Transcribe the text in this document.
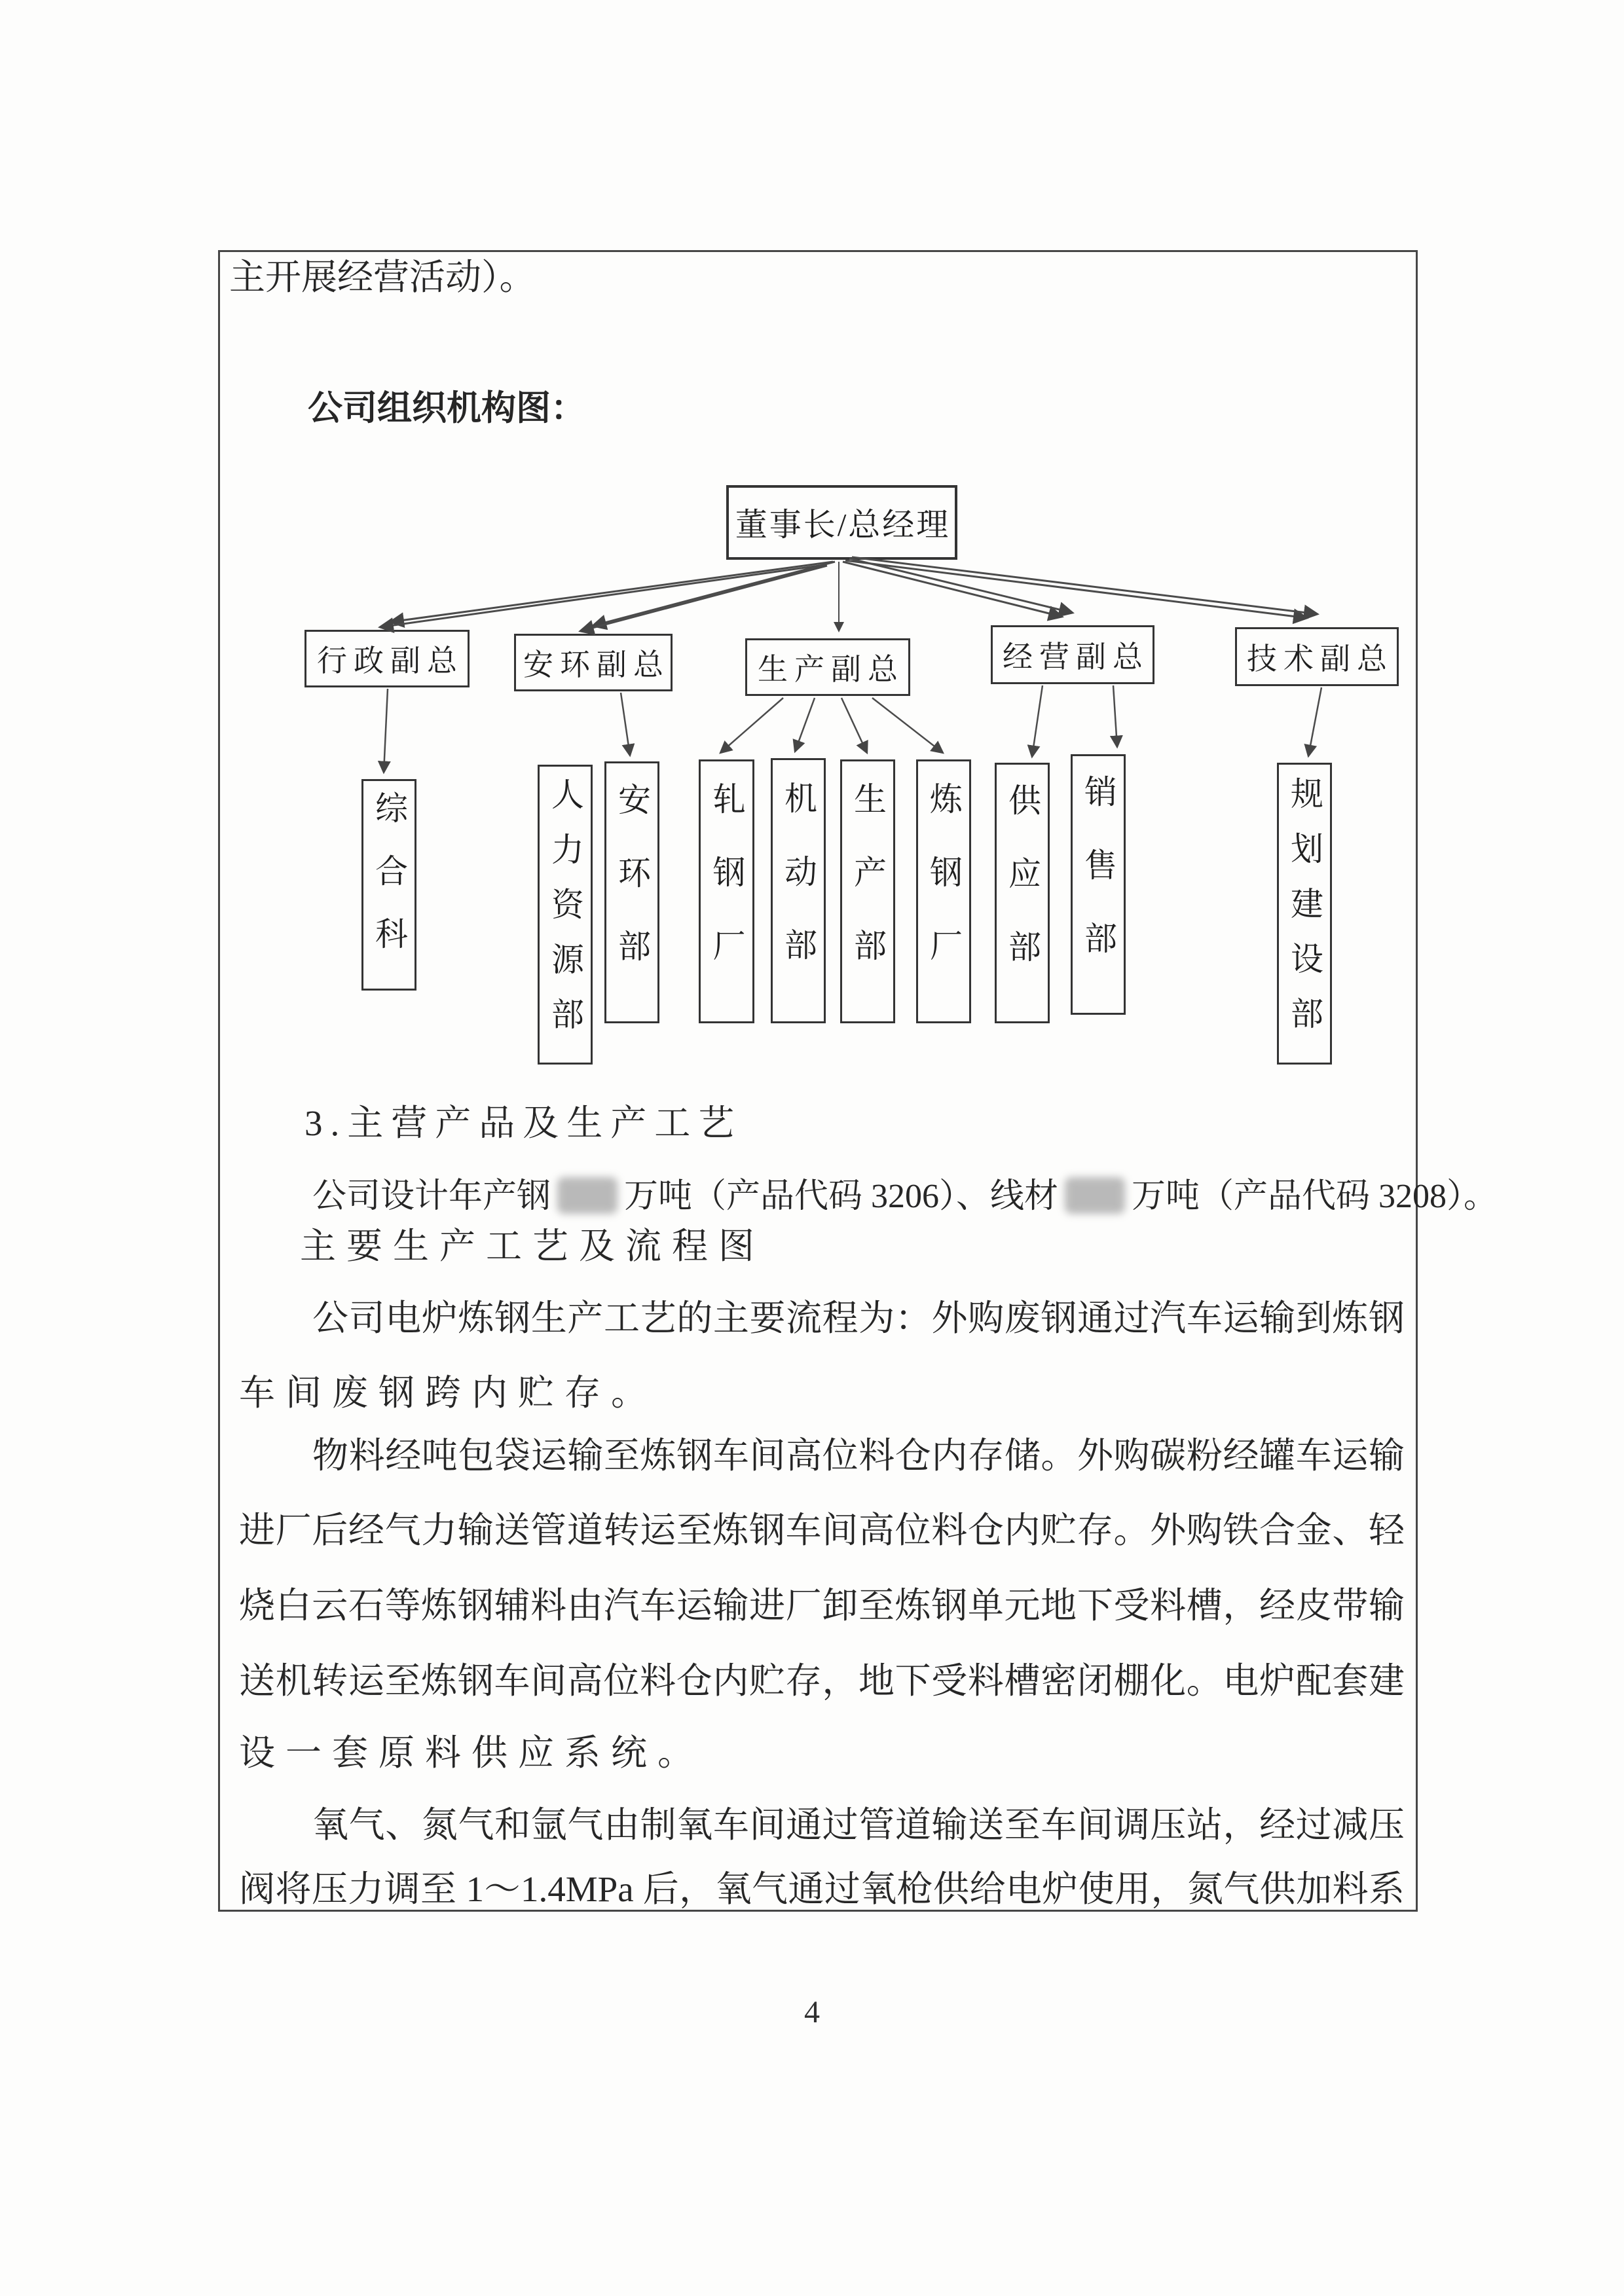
主开展经营活动）。
公司组织机构图：
董事长/总经理
行政副总 安环副总	生产副总	经营副总	技术副总
综合科	人力资源部 安环部 轧钢厂 机动部 生产部 炼钢厂 供应部 销售部	规划建设部
3.主营产品及生产工艺
公司设计年产钢 万吨（产品代码 3206）、线材 万吨（产品代码 3208）。
主要生产工艺及流程图
公司电炉炼钢生产工艺的主要流程为：外购废钢通过汽车运输到炼钢
车间废钢跨内贮存。
物料经吨包袋运输至炼钢车间高位料仓内存储。外购碳粉经罐车运输
进厂后经气力输送管道转运至炼钢车间高位料仓内贮存。外购铁合金、轻
烧白云石等炼钢辅料由汽车运输进厂卸至炼钢单元地下受料槽，经皮带输
送机转运至炼钢车间高位料仓内贮存，地下受料槽密闭棚化。电炉配套建
设一套原料供应系统。
氧气、氮气和氩气由制氧车间通过管道输送至车间调压站，经过减压
阀将压力调至 1～1.4MPa 后，氧气通过氧枪供给电炉使用，氮气供加料系
4
